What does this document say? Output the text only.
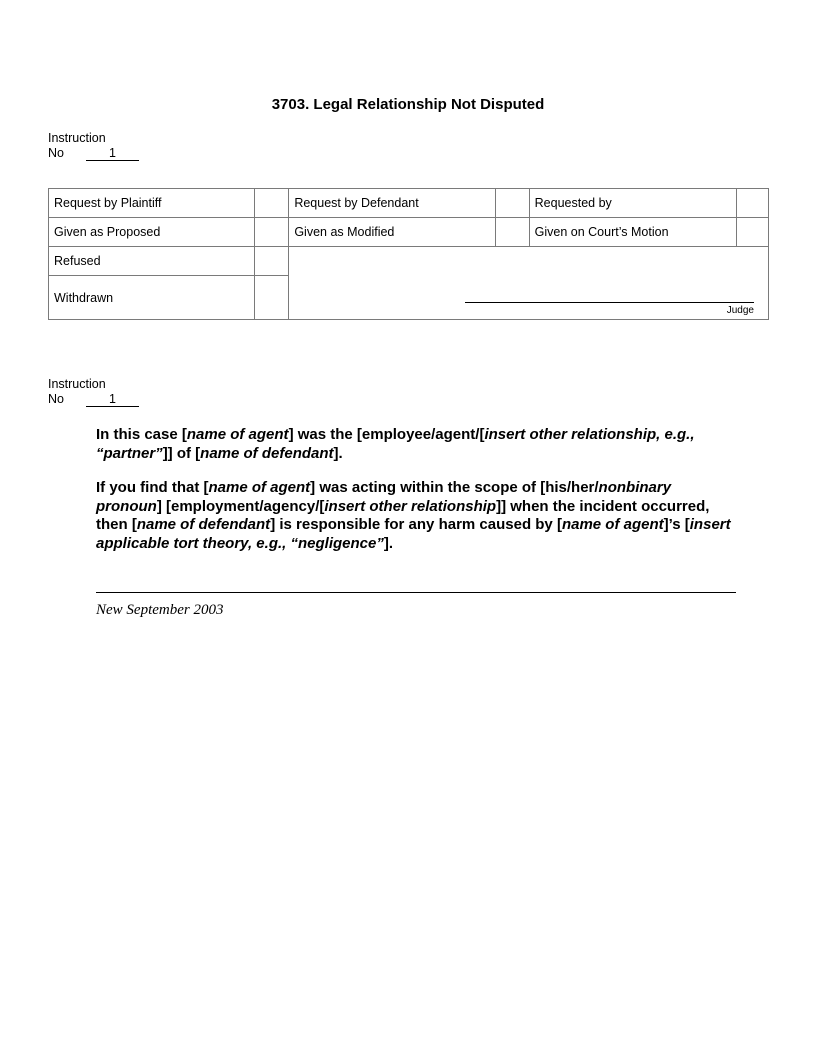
3703. Legal Relationship Not Disputed
Instruction
No	1
Request by Plaintiff		Request by Defendant		Requested by	
Given as Proposed		Given as Modified		Given on Court’s Motion	
Refused		Judge			

Withdrawn					
Instruction
No	1

In this case [name of agent] was the [employee/agent/[insert other relationship, e.g., “partner”]] of [name of defendant].

If you find that [name of agent] was acting within the scope of [his/her/nonbinary pronoun] [employment/agency/[insert other relationship]] when the incident occurred, then [name of defendant] is responsible for any harm caused by [name of agent]’s [insert applicable tort theory, e.g., “negligence”].

New September 2003
